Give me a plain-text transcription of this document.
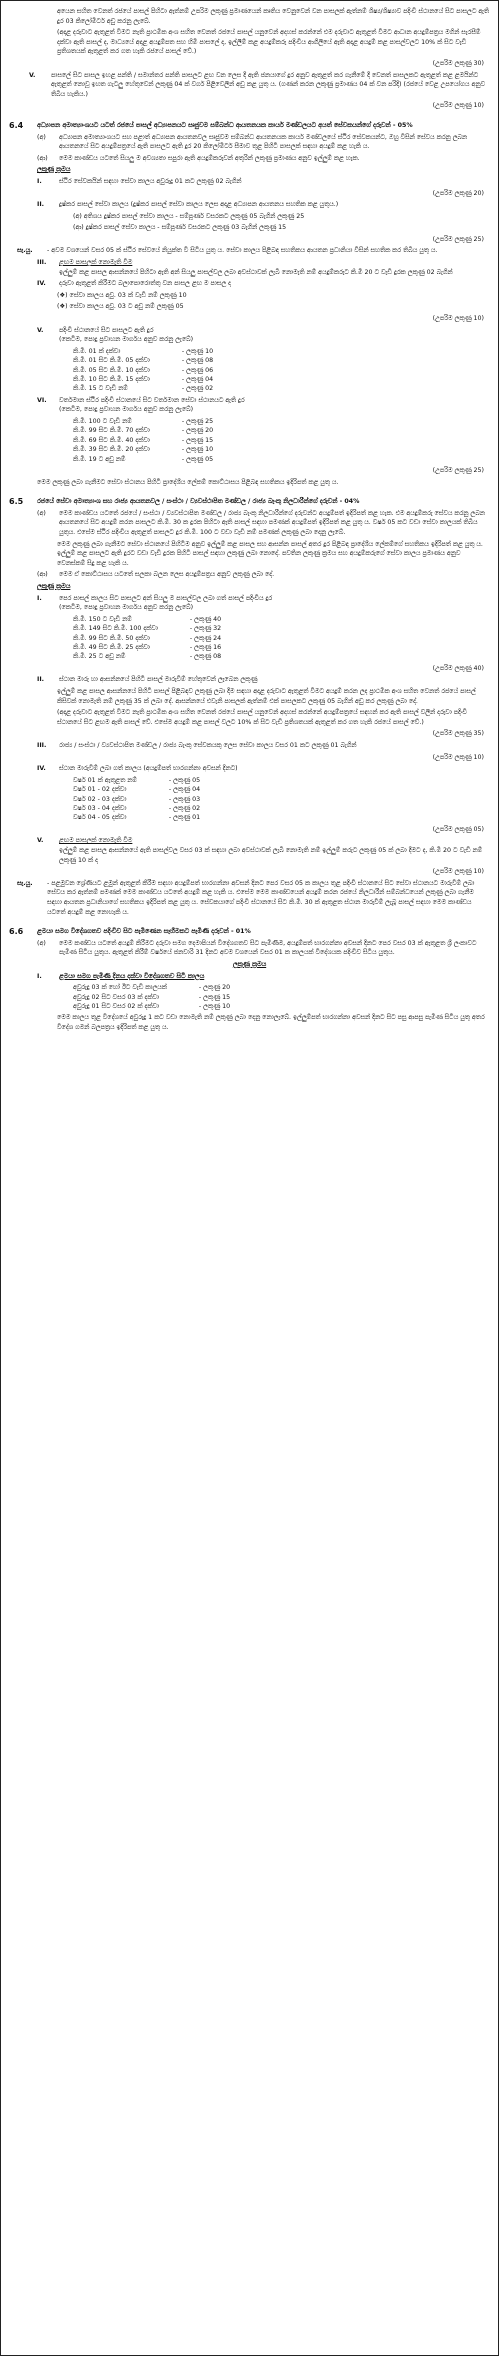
අයෙන සහිත වෙනත් රජයේ පාසල් පිහිටා ඇත්නම් උපරිම ලකුණු ප්‍රමාණයෙන් කෘතිය වෙනුවෙන් වන පාසලක් ඇත්නම් ශිෂ්‍ය/ශිෂ්‍යාව පදිංචි ස්ථානයේ සිට පාසලට ඇති දුර 03 කිලෝමීටර් අඩු කරනු ලැබේ.
(අදාළ දරුවාට ඇතුළත් වීමට නැති ප්‍රාථමික අංශ සහිත වෙනත් රජයේ පාසල් යනුවෙන් අදහස් කරන්නේ එම දරුවාට ඇතුළත් වීමට ආධාන අයදුම්පත්‍රය මගින් සැරසීම් දක්වා ඇති පාසල් ද, මාධ්‍යයේ අදාළ අයදුම්පත සහ හිමි පාසලේ ද, ඉල්ලීම් කළ අයදුම්කරු පදිංචිය ආගිලියේ ඇති අදාළ අයදුම් කළ පාසල්වලට 10% ක් සිට වැඩි ප්‍රතිශතයක් ඇතුළත් කර ගත හැකි රජයේ පාසල් වේ.)
(උපරිම ලකුණු 30)
V.	පාසලේ සිට පාසල ඉහළ පන්ති / සමාන්තර පන්ති පාසලට ළඟ වන ලෙස දී ඇති ජනයාගේ දුර අනුව ඇතුළත් කර ගැනීමේ දී වෙනත් පාසලකට ඇතුළත් කළ ළමයින්ට ඇතුළත් නොවූ ඉහත ගැටලු හේතුවෙන් ලකුණු 04 ක් වර්ග පිළිවෙලින් අඩු කළ යුතු ය. (ගණන් කරන ලකුණු ප්‍රමාණය 04 ක් වන පරිදි) (රජයේ වෙළ උපයෝගය අනුව තිබිය හැකිය.)
(උපරිම ලකුණු 10)
6.4	අධ්‍යාපන අමාත්‍යාංශයට යටත් රජයේ පාසල් අධ්‍යාපනයට සෘජුවම සම්බන්ධ ආයතනයක කාර්ය මණ්ඩලයට අයත් සේවකයන්ගේ දරුවන් - 05%
(අ)	අධ්‍යාපන අමාත්‍යාංශයට සහ පළාත් අධ්‍යාපන ආයතනවල සෘජුවම සම්බන්ධ ආයතනයක කාර්ය මණ්ඩලයේ ස්ථිර සේවකයන්ට, ඔහු විසින් සේවය කරනු ලබන ආයතනයේ සිට අයදුම්පත්‍රයේ ඇති පාසලට ඇති දුර 20 කිලෝමීටර් සීමාව තුළ පිහිටි පාසලක් සඳහා අයදුම් කළ හැකි ය.
(ආ)	මෙම කාණ්ඩය යටතේ සියලු ම අවශ්‍යතා සපුරා ඇති අයදුම්කරුවන් අතුරින් ලකුණු ප්‍රමාණය අනුව ඉල්ලුම් කළ හැක.
ලකුණු ක්‍රමය
I.	ස්ථිර සේවකයින් සඳහා සේවා කාලය අවුරුදු 01 කට ලකුණු 02 බැගින්
(උපරිම ලකුණු 20)
II.	දුෂ්කර පාසල් සේවා කාලය (දුෂ්කර පාසල් සේවා කාලය ලෙස අදාළ අධ්‍යාපන ආයතනය සහතික කළ යුතුය.)
(අ) අතිශය දුෂ්කර පාසල් සේවා කාලය - සම්පූර්ණ වසරකට ලකුණු 05 බැගින් ලකුණු 25
(ආ) දුෂ්කර පාසල් සේවා කාලය - සම්පූර්ණ වසරකට ලකුණු 03 බැගින් ලකුණු 15
(උපරිම ලකුණු 25)
සැ.යු.	- අවම වශයෙන් වසර 05 ක් ස්ථිර සේවයේ නියුක්ත වී සිටිය යුතු ය. සේවා කාලය පිළිබඳ සහතිකය ආයතන ප්‍රධානියා විසින් සහතික කර තිබිය යුතු ය.
III.	ළඟම පාසලක් නොමැති වීම
ඉල්ලුම් කළ පාසල ආසන්නයේ පිහිටා ඇති අන් සියලු පාසල්වල ලබා අවස්ථාවක් ලැබී නොමැති නම් අයදුම්කරුට කි.මී 20 ට වැඩි දුරක ලකුණු 02 බැගින්
IV.	දරුවා ඇතුළත් කිරීමට බලාපොරොත්තු වන පාසල ළඟ ම පාසල ද
(❖) සේවා කාලය අවු. 03 ක් වැඩි නම් ලකුණු 10
(❖) සේවා කාලය අවු. 03 ට අඩු නම් ලකුණු 05
(උපරිම ලකුණු 10)
V.	පදිංචි ස්ථානයේ සිට පාසලට ඇති දුර
(කෙටිම, පොදු ප්‍රවාහන මාර්ගය අනුව කරනු ලැබේ)
කි.මී. 01 ක් දක්වා	- ලකුණු 10
කි.මී. 01 සිට කි.මී. 05 දක්වා	- ලකුණු 08
කි.මී. 05 සිට කි.මී. 10 දක්වා	- ලකුණු 06
කි.මී. 10 සිට කි.මී. 15 දක්වා	- ලකුණු 04
කි.මී. 15 ට වැඩි නම්	- ලකුණු 02
VI.	වර්තමාන ස්ථිර පදිංචි ස්ථානයේ සිට වර්තමාන සේවා ස්ථානයට ඇති දුර
(කෙටිම, පොදු ප්‍රවාහන මාර්ගය අනුව කරනු ලැබේ)
කි.මී. 100 ට වැඩි නම්	- ලකුණු 25
කි.මී. 99 සිට කි.මී. 70 දක්වා	- ලකුණු 20
කි.මී. 69 සිට කි.මී. 40 දක්වා	- ලකුණු 15
කි.මී. 39 සිට කි.මී. 20 දක්වා	- ලකුණු 10
කි.මී. 19 ට අඩු නම්	- ලකුණු 05
(උපරිම ලකුණු 25)
මෙම ලකුණු ලබා ගැනීමට සේවා ස්ථානය පිහිටි ප්‍රාදේශීය ලේකම් කොට්ඨාසය පිළිබඳ සහතිකය ඉදිරිපත් කළ යුතු ය.
6.5	රජයේ සේවා අමාත්‍යාංශ සහ රාජ්‍ය ආයතනවල / සංස්ථා / ව්‍යවස්ථාපිත මණ්ඩල / රාජ්‍ය බැංකු නිලධාරීන්ගේ දරුවන් - 04%
(අ)	මෙම කාණ්ඩය යටතේ රජයේ / සංස්ථා / ව්‍යවස්ථාපිත මණ්ඩල / රාජ්‍ය බැංකු නිලධාරීන්ගේ දරුවන්ට අයදුම්පත් ඉදිරිපත් කළ හැක. එම අයදුම්කරු සේවය කරනු ලබන ආයතනයේ සිට අයදුම් කරන පාසලට කි.මී. 30 ක දුරක පිහිටා ඇති පාසල් සඳහා පමණක් අයදුම්පත් ඉදිරිපත් කළ යුතු ය. වර්ෂ 05 කට වඩා සේවා කාලයක් තිබිය යුතුය. එසේම ස්ථිර පදිංචිය ඇතුළත් පාසලට දුර කි.මී. 100 ට වඩා වැඩි නම් පමණක් ලකුණු ලබා දෙනු ලැබේ.
මෙම ලකුණු ලබා ගැනීමට සේවා ස්ථානයේ පිහිටීම අනුව ඉල්ලුම් කළ පාසල සහ ආසන්න පාසල් අතර දුර පිළිබඳ ප්‍රාදේශීය ලේකම්ගේ සහතිකය ඉදිරිපත් කළ යුතු ය. ඉල්ලුම් කළ පාසලට ඇති දුරට වඩා වැඩි දුරක පිහිටි පාසල් සඳහා ලකුණු ලබා නොදේ. පවතින ලකුණු ක්‍රමය සහ අයදුම්කරුගේ සේවා කාලය ප්‍රමාණය අනුව වෙනස්කම් සිදු කළ හැකි ය.
(ආ)	මෙම ඒ කොට්ඨාසය යටතේ සලකා බලන ලෙස අයදුම්පත්‍රය අනුව ලකුණු ලබා දේ.
ලකුණු ක්‍රමය
I.	පෙර පාසල් කාලය සිට පාසලට අන් සියලු ම පාසල්වල ලබා ගත් පාසල් පදිංචිය දුර
(කෙටිම, පොදු ප්‍රවාහන මාර්ගය අනුව කරනු ලැබේ)
කි.මී. 150 ට වැඩි නම්	- ලකුණු 40
කි.මී. 149 සිට කි.මී. 100 දක්වා	- ලකුණු 32
කි.මී. 99 සිට කි.මී. 50 දක්වා	- ලකුණු 24
කි.මී. 49 සිට කි.මී. 25 දක්වා	- ලකුණු 16
කි.මී. 25 ට අඩු නම්	- ලකුණු 08
(උපරිම ලකුණු 40)
II.	ස්ථාන මාරු හා ආසන්නයේ පිහිටි පාසල් මාරුවීම් හේතුවෙන් ලැබෙන ලකුණු
ඉල්ලුම් කළ පාසල ආසන්නයේ පිහිටි පාසල් පිළිබඳව ලකුණු ලබා දීම සඳහා අදාළ දරුවාට ඇතුළත් වීමට අයදුම් කරන ලද ප්‍රාථමික අංශ සහිත වෙනත් රජයේ පාසල් කිසිවක් නොමැති නම් ලකුණු 35 ක් ලබා දේ. ආසන්නයේ එවැනි පාසලක් ඇත්නම් එක් පාසලකට ලකුණු 05 බැගින් අඩු කර ලකුණු ලබා දේ.
(අදාළ දරුවාට ඇතුළත් වීමට නැති ප්‍රාථමික අංශ සහිත වෙනත් රජයේ පාසල් යනුවෙන් අදහස් කරන්නේ අයදුම්පත්‍රයේ සඳහන් කර ඇති පාසල් වලින් දරුවා පදිංචි ස්ථානයේ සිට ළඟම ඇති පාසල් වේ. එසේම අයදුම් කළ පාසල් වලට 10% ක් සිට වැඩි ප්‍රතිශතයක් ඇතුළත් කර ගත හැකි රජයේ පාසල් වේ.)
(උපරිම ලකුණු 35)
III.	රාජ්‍ය / සංස්ථා / ව්‍යවස්ථාපිත මණ්ඩල / රාජ්‍ය බැංකු සේවකයකු ලෙස සේවා කාලය වසර 01 කට ලකුණු 01 බැගින්
(උපරිම ලකුණු 10)
IV.	ස්ථාන මාරුවීම් ලබා ගත් කාලය (අයදුම්පත් භාරගන්නා අවසන් දිනට)
වර්ෂ 01 ක් ඇතුළත නම්	- ලකුණු 05
වර්ෂ 01 - 02 දක්වා	- ලකුණු 04
වර්ෂ 02 - 03 දක්වා	- ලකුණු 03
වර්ෂ 03 - 04 දක්වා	- ලකුණු 02
වර්ෂ 04 - 05 දක්වා	- ලකුණු 01
(උපරිම ලකුණු 05)
V.	ළඟම පාසලක් නොමැති වීම
ඉල්ලුම් කළ පාසල ආසන්නයේ ඇති පාසල්වල වසර 03 ක් සඳහා ලබා අවස්ථාවක් ලැබී නොමැති නම් ඉල්ලුම් කරුට ලකුණු 05 ක් ලබා දීමට ද, කි.මී 20 ට වැඩි නම් ලකුණු 10 ක් ද
(උපරිම ලකුණු 10)
සැ.යු.	- පළමුවන ශ්‍රේණියට ළමුන් ඇතුළත් කිරීම සඳහා අයදුම්පත් භාරගන්නා අවසන් දිනට පෙර වසර 05 ක කාලය තුළ පදිංචි ස්ථානයේ සිට සේවා ස්ථානයට මාරුවීම් ලබා සේවය කර ඇත්නම් පමණක් මෙම කාණ්ඩය යටතේ අයදුම් කළ හැකි ය. එසේම මෙම කාණ්ඩයෙන් අයදුම් කරන රජයේ නිලධාරීන් සම්බන්ධයෙන් ලකුණු ලබා ගැනීම සඳහා ආයතන ප්‍රධානියාගේ සහතිකය ඉදිරිපත් කළ යුතු ය. සේවකයාගේ පදිංචි ස්ථානයේ සිට කි.මී. 30 ක් ඇතුළත ස්ථාන මාරුවීම් ලැබූ පාසල් සඳහා මෙම කාණ්ඩය යටතේ අයදුම් කළ නොහැකි ය.
6.6	ළමයා සමග විදේශගතව පදිංචිව සිට පැමිණෙන සෑහීමකට පැමිණි දරුවන් - 01%
(අ)	මෙම කණ්ඩය යටතේ අයදුම් කිරීමට දරුවා සමග දෙමාපියන් විදේශගතව සිට පැමිණීම, අයදුම්පත් භාරගන්නා අවසන් දිනට පෙර වසර 03 ක් ඇතුළත ශ්‍රී ලංකාවට පැමිණ සිටිය යුතුය. ඇතුළත් කිරීම් වර්ෂයේ ජනවාරි 31 දිනට අවම වශයෙන් වසර 01 ක කාලයක් විදේශයක පදිංචිව සිටිය යුතුය.
ලකුණු ක්‍රමය
I.	ළමයා සමග පැමිණි දිනය දක්වා විදේශගතව සිටි කාලය
අවුරුදු 03 ක් හෝ ඊට වැඩි කාලයක්	- ලකුණු 20
අවුරුදු 02 සිට වසර 03 ක් දක්වා	- ලකුණු 15
අවුරුදු 01 සිට වසර 02 ක් දක්වා	- ලකුණු 10
මෙම කාලය තුළ විදේශයේ අවුරුදු 1 කට වඩා නොමැති නම් ලකුණු ලබා දෙනු නොලැබේ. ඉල්ලුම්පත් භාරගන්නා අවසන් දිනට සිට පසු ආපසු පැමිණ සිටිය යුතු අතර විදේශ ගමන් බලපත්‍රය ඉදිරිපත් කළ යුතු ය.
